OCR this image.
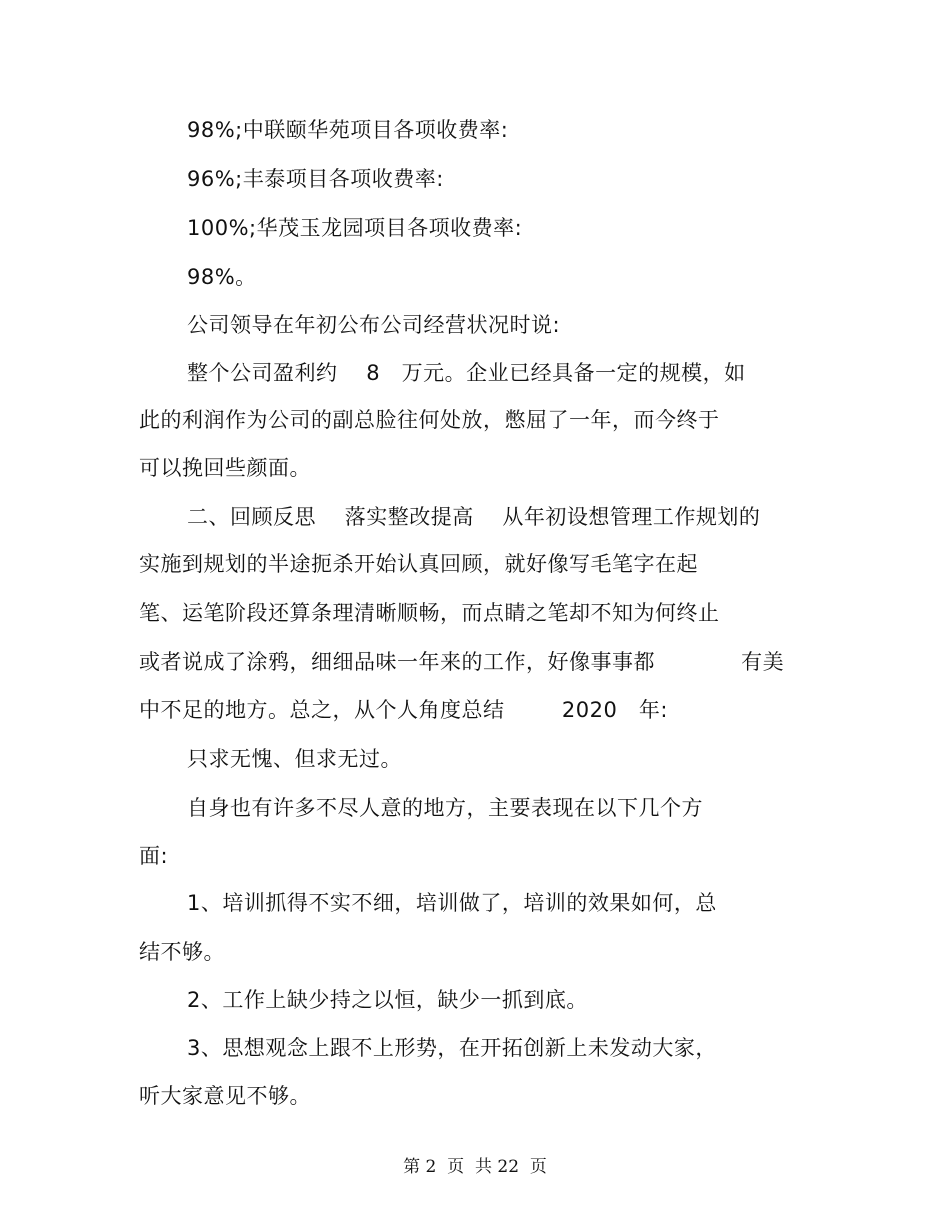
98%;中联颐华苑项目各项收费率:
96%;丰泰项目各项收费率:
100%;华茂玉龙园项目各项收费率:
98%。
公司领导在年初公布公司经营状况时说:
整个公司盈利约    8   万元。企业已经具备一定的规模，如
此的利润作为公司的副总脸往何处放，憋屈了一年，而今终于
可以挽回些颜面。
二、回顾反思    落实整改提高    从年初设想管理工作规划的
实施到规划的半途扼杀开始认真回顾，就好像写毛笔字在起
笔、运笔阶段还算条理清晰顺畅，而点睛之笔却不知为何终止
或者说成了涂鸦，细细品味一年来的工作，好像事事都            有美
中不足的地方。总之，从个人角度总结        2020   年:
只求无愧、但求无过。
自身也有许多不尽人意的地方，主要表现在以下几个方
面:
1、培训抓得不实不细，培训做了，培训的效果如何，总
结不够。
2、工作上缺少持之以恒，缺少一抓到底。
3、思想观念上跟不上形势，在开拓创新上未发动大家，
听大家意见不够。
第 2  页  共 22  页
